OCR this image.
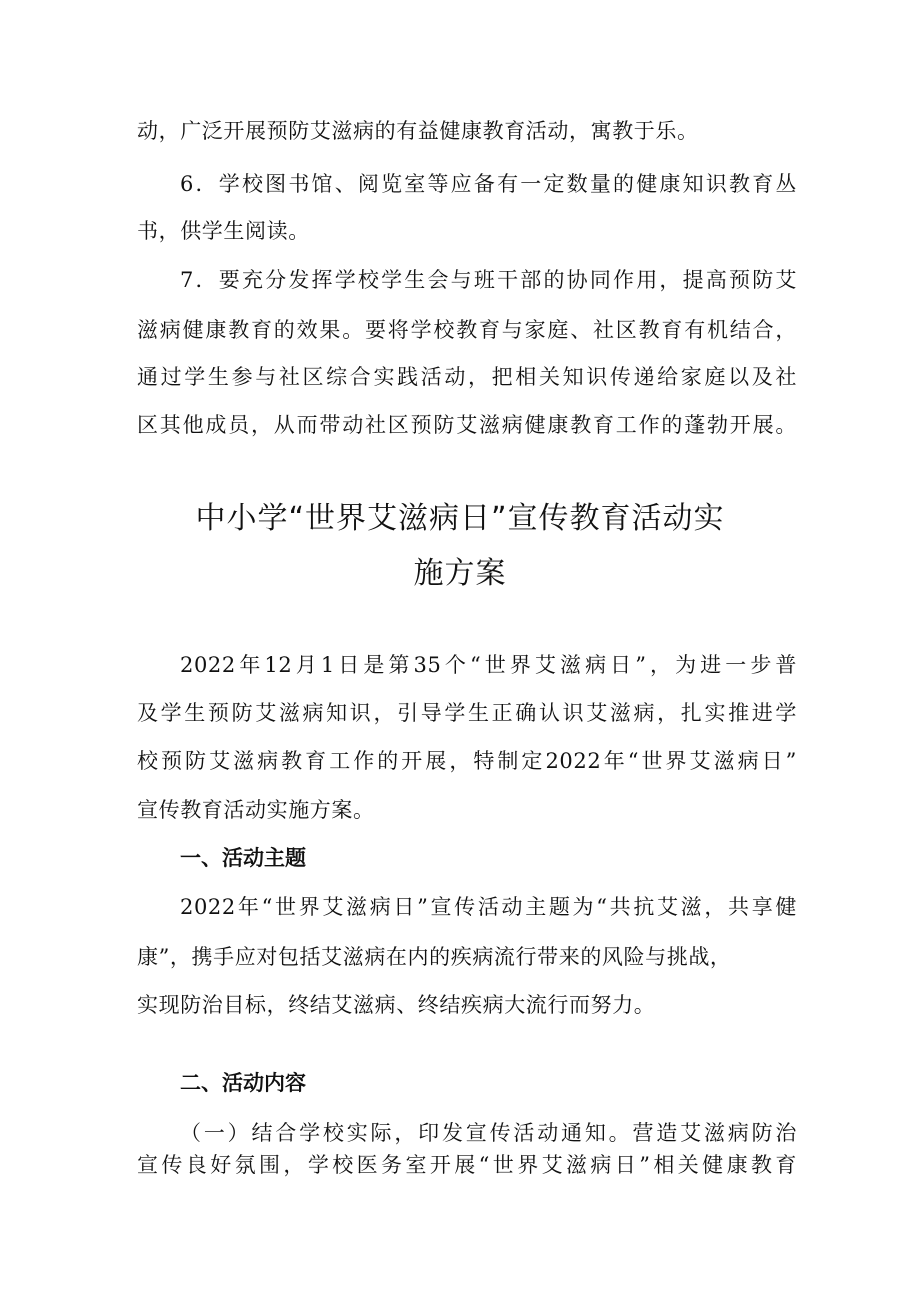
动，广泛开展预防艾滋病的有益健康教育活动，寓教于乐。

6．学校图书馆、阅览室等应备有一定数量的健康知识教育丛

书，供学生阅读。

7．要充分发挥学校学生会与班干部的协同作用，提高预防艾

滋病健康教育的效果。要将学校教育与家庭、社区教育有机结合，

通过学生参与社区综合实践活动，把相关知识传递给家庭以及社

区其他成员，从而带动社区预防艾滋病健康教育工作的蓬勃开展。

中小学“世界艾滋病日”宣传教育活动实
施方案

2022年12月1日是第35个“世界艾滋病日”，为进一步普

及学生预防艾滋病知识，引导学生正确认识艾滋病，扎实推进学

校预防艾滋病教育工作的开展，特制定2022年“世界艾滋病日”

宣传教育活动实施方案。

一、活动主题

2022年“世界艾滋病日”宣传活动主题为“共抗艾滋，共享健

康”，携手应对包括艾滋病在内的疾病流行带来的风险与挑战，

实现防治目标，终结艾滋病、终结疾病大流行而努力。

二、活动内容

（一）结合学校实际，印发宣传活动通知。营造艾滋病防治

宣传良好氛围，学校医务室开展“世界艾滋病日”相关健康教育
